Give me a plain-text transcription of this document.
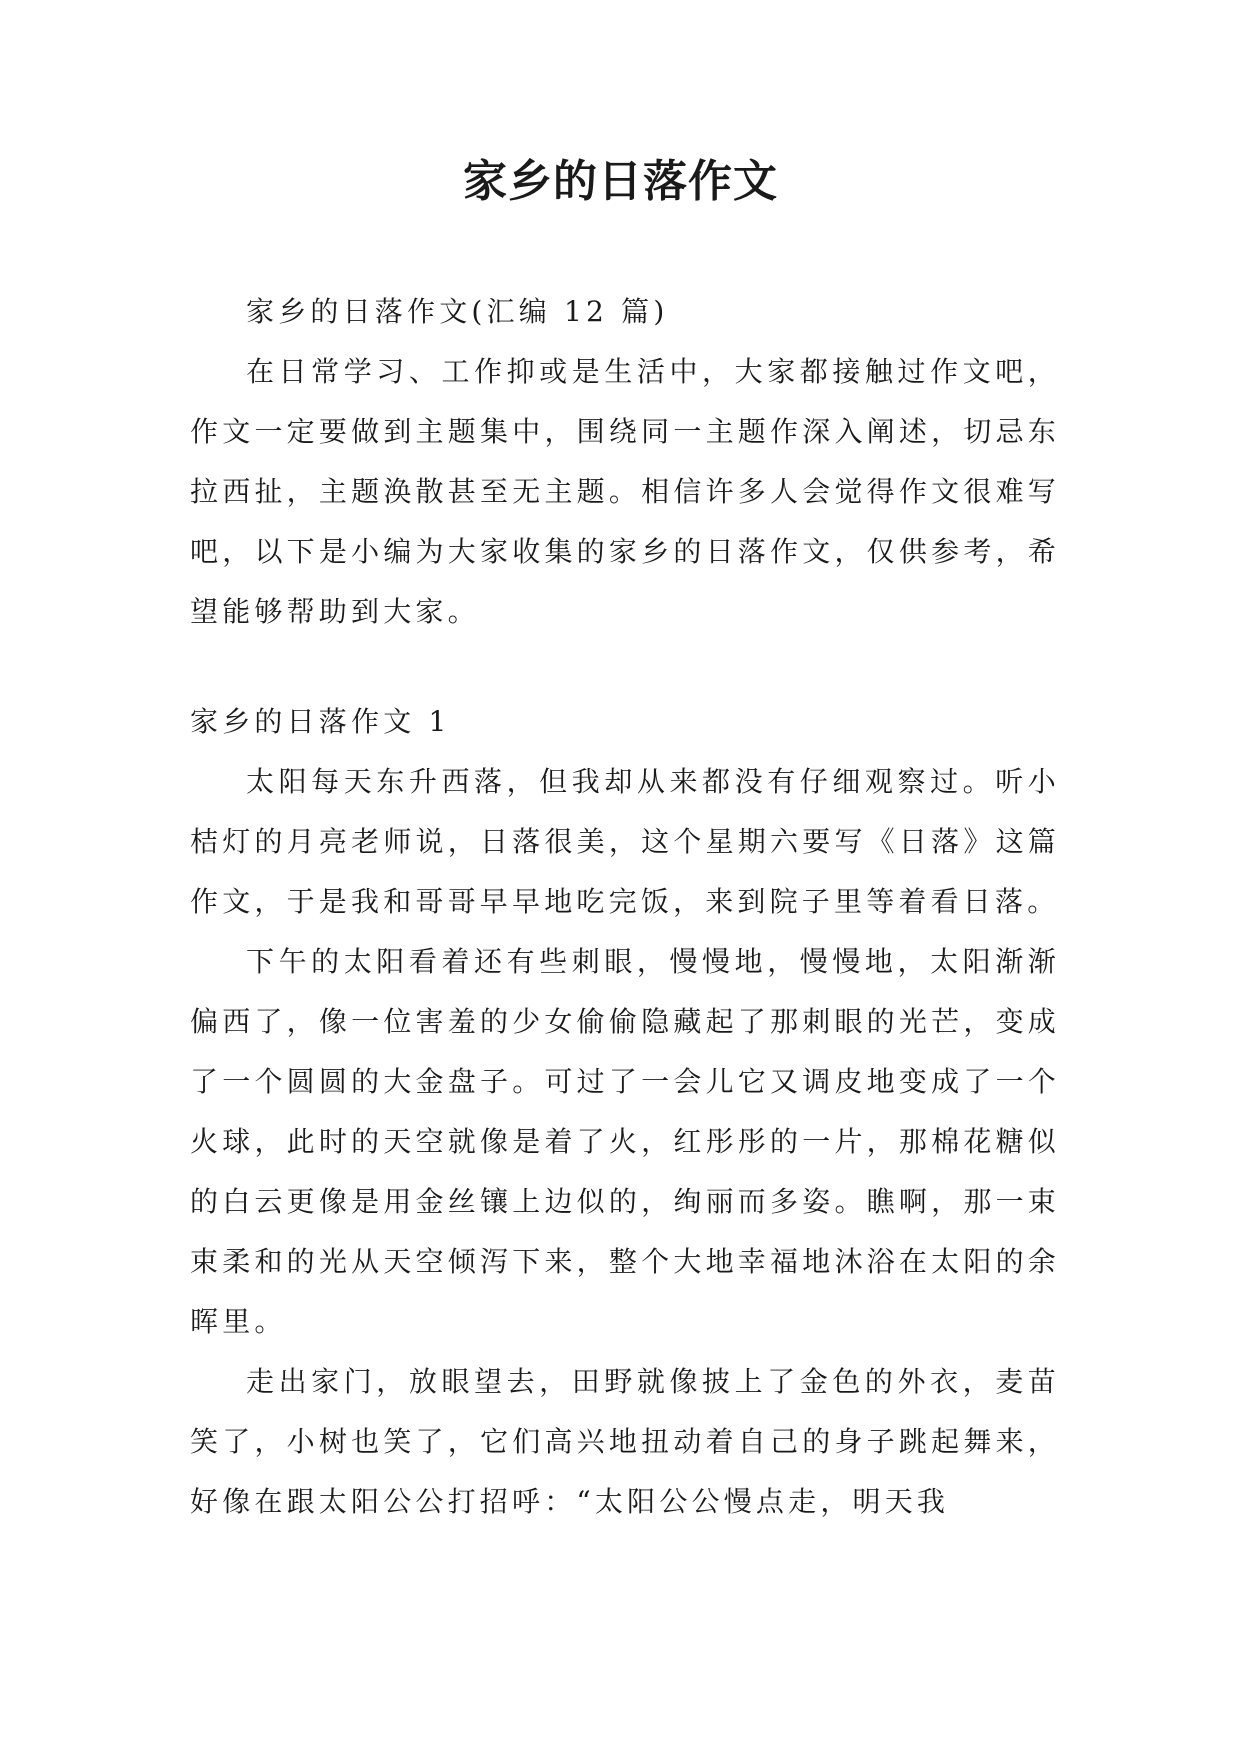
家乡的日落作文

家乡的日落作文(汇编 12 篇)

在日常学习、工作抑或是生活中，大家都接触过作文吧，作文一定要做到主题集中，围绕同一主题作深入阐述，切忌东拉西扯，主题涣散甚至无主题。相信许多人会觉得作文很难写吧，以下是小编为大家收集的家乡的日落作文，仅供参考，希望能够帮助到大家。

家乡的日落作文 1

太阳每天东升西落，但我却从来都没有仔细观察过。听小桔灯的月亮老师说，日落很美，这个星期六要写《日落》这篇作文，于是我和哥哥早早地吃完饭，来到院子里等着看日落。

下午的太阳看着还有些刺眼，慢慢地，慢慢地，太阳渐渐偏西了，像一位害羞的少女偷偷隐藏起了那刺眼的光芒，变成了一个圆圆的大金盘子。可过了一会儿它又调皮地变成了一个火球，此时的天空就像是着了火，红彤彤的一片，那棉花糖似的白云更像是用金丝镶上边似的，绚丽而多姿。瞧啊，那一束束柔和的光从天空倾泻下来，整个大地幸福地沐浴在太阳的余晖里。

走出家门，放眼望去，田野就像披上了金色的外衣，麦苗笑了，小树也笑了，它们高兴地扭动着自己的身子跳起舞来，好像在跟太阳公公打招呼：“太阳公公慢点走，明天我
